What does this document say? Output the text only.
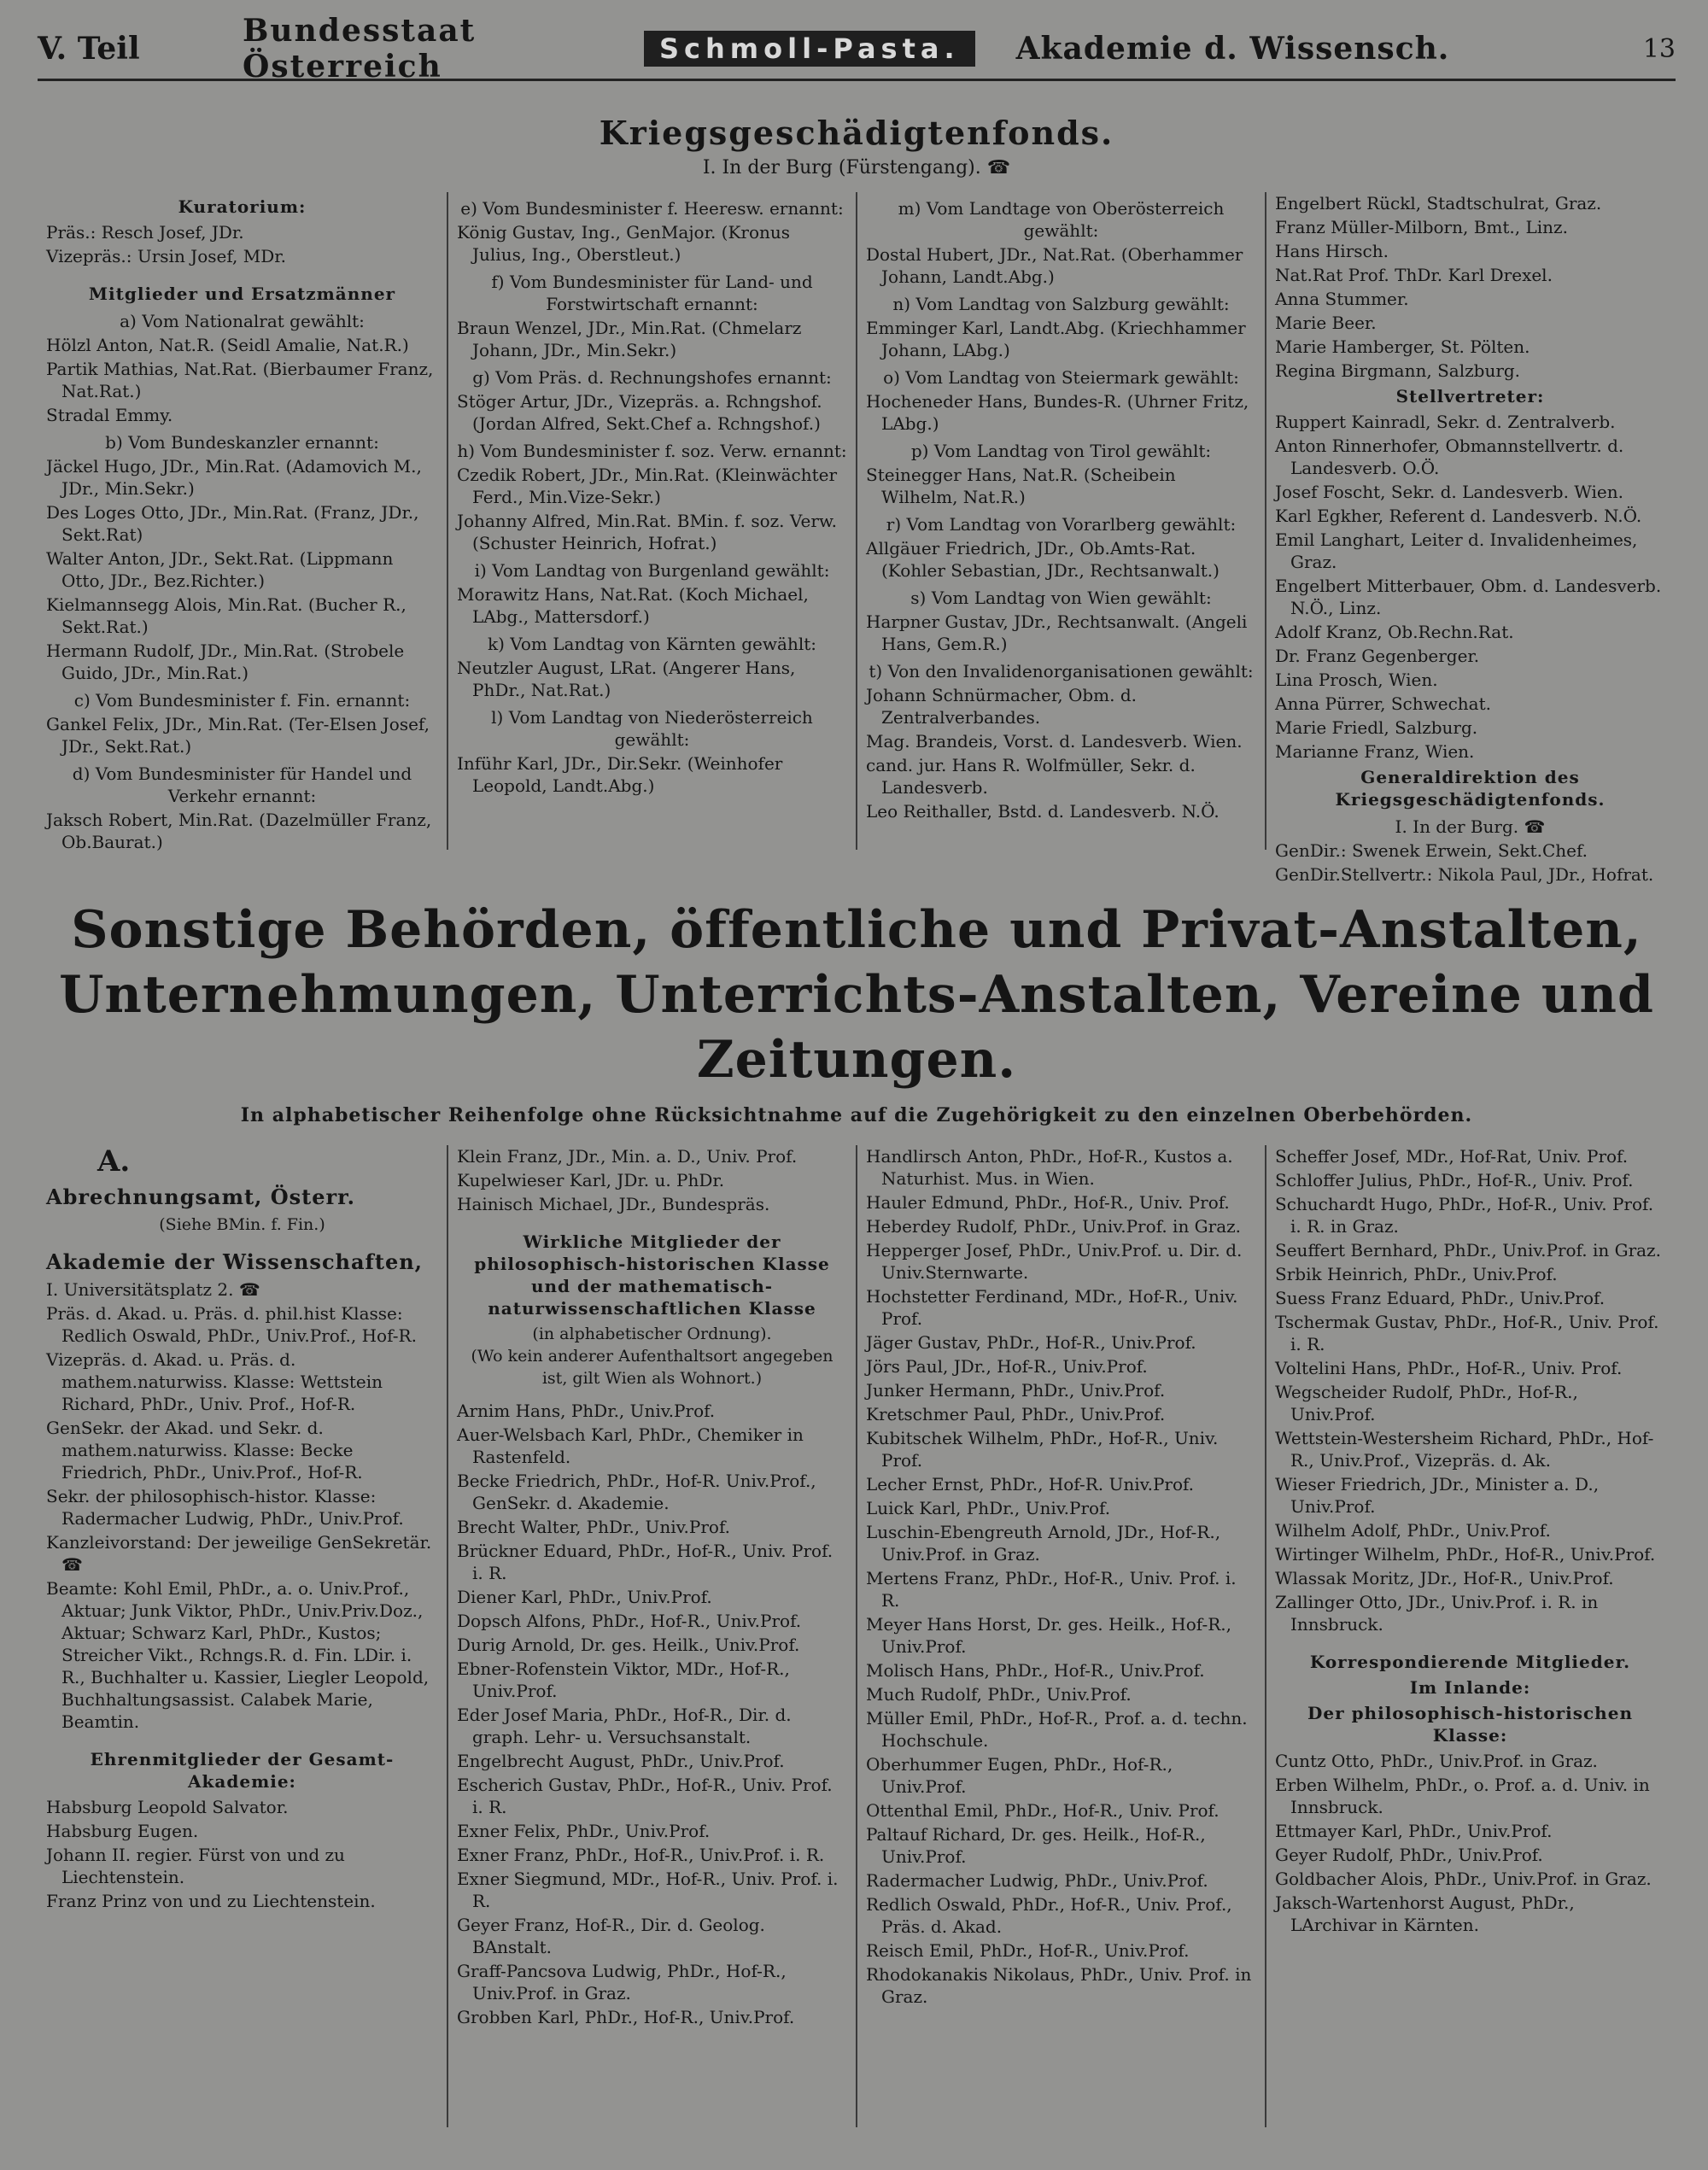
V. Teil	Bundesstaat Österreich	Schmoll-Pasta.	Akademie d. Wissensch.	13
Kriegsgeschädigtenfonds.
I. In der Burg (Fürstengang). ☎
Kuratorium:
Präs.: Resch Josef, JDr.
Vizepräs.: Ursin Josef, MDr.
Mitglieder und Ersatzmänner
a) Vom Nationalrat gewählt:
Hölzl Anton, Nat.R. (Seidl Amalie, Nat.R.)
Partik Mathias, Nat.Rat. (Bierbaumer Franz, Nat.Rat.)
Stradal Emmy.
b) Vom Bundeskanzler ernannt:
Jäckel Hugo, JDr., Min.Rat. (Adamovich M., JDr., Min.Sekr.)
Des Loges Otto, JDr., Min.Rat. (Franz, JDr., Sekt.Rat)
Walter Anton, JDr., Sekt.Rat. (Lippmann Otto, JDr., Bez.Richter.)
Kielmannsegg Alois, Min.Rat. (Bucher R., Sekt.Rat.)
Hermann Rudolf, JDr., Min.Rat. (Strobele Guido, JDr., Min.Rat.)
c) Vom Bundesminister f. Fin. ernannt:
Gankel Felix, JDr., Min.Rat. (Ter-Elsen Josef, JDr., Sekt.Rat.)
d) Vom Bundesminister für Handel und Verkehr ernannt:
Jaksch Robert, Min.Rat. (Dazelmüller Franz, Ob.Baurat.)
e) Vom Bundesminister f. Heeresw. ernannt:
König Gustav, Ing., GenMajor. (Kronus Julius, Ing., Oberstleut.)
f) Vom Bundesminister für Land- und Forstwirtschaft ernannt:
Braun Wenzel, JDr., Min.Rat. (Chmelarz Johann, JDr., Min.Sekr.)
g) Vom Präs. d. Rechnungshofes ernannt:
Stöger Artur, JDr., Vizepräs. a. Rchngshof. (Jordan Alfred, Sekt.Chef a. Rchngshof.)
h) Vom Bundesminister f. soz. Verw. ernannt:
Czedik Robert, JDr., Min.Rat. (Kleinwächter Ferd., Min.Vize-Sekr.)
Johanny Alfred, Min.Rat. BMin. f. soz. Verw. (Schuster Heinrich, Hofrat.)
i) Vom Landtag von Burgenland gewählt:
Morawitz Hans, Nat.Rat. (Koch Michael, LAbg., Mattersdorf.)
k) Vom Landtag von Kärnten gewählt:
Neutzler August, LRat. (Angerer Hans, PhDr., Nat.Rat.)
l) Vom Landtag von Niederösterreich gewählt:
Inführ Karl, JDr., Dir.Sekr. (Weinhofer Leopold, Landt.Abg.)
m) Vom Landtage von Oberösterreich gewählt:
Dostal Hubert, JDr., Nat.Rat. (Oberhammer Johann, Landt.Abg.)
n) Vom Landtag von Salzburg gewählt:
Emminger Karl, Landt.Abg. (Kriechhammer Johann, LAbg.)
o) Vom Landtag von Steiermark gewählt:
Hocheneder Hans, Bundes-R. (Uhrner Fritz, LAbg.)
p) Vom Landtag von Tirol gewählt:
Steinegger Hans, Nat.R. (Scheibein Wilhelm, Nat.R.)
r) Vom Landtag von Vorarlberg gewählt:
Allgäuer Friedrich, JDr., Ob.Amts-Rat. (Kohler Sebastian, JDr., Rechtsanwalt.)
s) Vom Landtag von Wien gewählt:
Harpner Gustav, JDr., Rechtsanwalt. (Angeli Hans, Gem.R.)
t) Von den Invalidenorganisationen gewählt:
Johann Schnürmacher, Obm. d. Zentralverbandes.
Mag. Brandeis, Vorst. d. Landesverb. Wien.
cand. jur. Hans R. Wolfmüller, Sekr. d. Landesverb.
Leo Reithaller, Bstd. d. Landesverb. N.Ö.
Engelbert Rückl, Stadtschulrat, Graz.
Franz Müller-Milborn, Bmt., Linz.
Hans Hirsch.
Nat.Rat Prof. ThDr. Karl Drexel.
Anna Stummer.
Marie Beer.
Marie Hamberger, St. Pölten.
Regina Birgmann, Salzburg.
Stellvertreter:
Ruppert Kainradl, Sekr. d. Zentralverb.
Anton Rinnerhofer, Obmannstellvertr. d. Landesverb. O.Ö.
Josef Foscht, Sekr. d. Landesverb. Wien.
Karl Egkher, Referent d. Landesverb. N.Ö.
Emil Langhart, Leiter d. Invalidenheimes, Graz.
Engelbert Mitterbauer, Obm. d. Landesverb. N.Ö., Linz.
Adolf Kranz, Ob.Rechn.Rat.
Dr. Franz Gegenberger.
Lina Prosch, Wien.
Anna Pürrer, Schwechat.
Marie Friedl, Salzburg.
Marianne Franz, Wien.
Generaldirektion des Kriegsgeschädigtenfonds.
I. In der Burg. ☎
GenDir.: Swenek Erwein, Sekt.Chef.
GenDir.Stellvertr.: Nikola Paul, JDr., Hofrat.
Sonstige Behörden, öffentliche und Privat-Anstalten, Unternehmungen, Unterrichts-Anstalten, Vereine und Zeitungen.
In alphabetischer Reihenfolge ohne Rücksichtnahme auf die Zugehörigkeit zu den einzelnen Oberbehörden.
A.
Abrechnungsamt, Österr.
(Siehe BMin. f. Fin.)
Akademie der Wissenschaften,
I. Universitätsplatz 2. ☎
Präs. d. Akad. u. Präs. d. phil.hist Klasse: Redlich Oswald, PhDr., Univ.Prof., Hof-R.
Vizepräs. d. Akad. u. Präs. d. mathem.naturwiss. Klasse: Wettstein Richard, PhDr., Univ. Prof., Hof-R.
GenSekr. der Akad. und Sekr. d. mathem.naturwiss. Klasse: Becke Friedrich, PhDr., Univ.Prof., Hof-R.
Sekr. der philosophisch-histor. Klasse: Radermacher Ludwig, PhDr., Univ.Prof.
Kanzleivorstand: Der jeweilige GenSekretär. ☎
Beamte: Kohl Emil, PhDr., a. o. Univ.Prof., Aktuar; Junk Viktor, PhDr., Univ.Priv.Doz., Aktuar; Schwarz Karl, PhDr., Kustos; Streicher Vikt., Rchngs.R. d. Fin. LDir. i. R., Buchhalter u. Kassier, Liegler Leopold, Buchhaltungsassist. Calabek Marie, Beamtin.
Ehrenmitglieder der Gesamt-Akademie:
Habsburg Leopold Salvator.
Habsburg Eugen.
Johann II. regier. Fürst von und zu Liechtenstein.
Franz Prinz von und zu Liechtenstein.
Klein Franz, JDr., Min. a. D., Univ. Prof.
Kupelwieser Karl, JDr. u. PhDr.
Hainisch Michael, JDr., Bundespräs.
Wirkliche Mitglieder der philosophisch-historischen Klasse und der mathematisch-naturwissenschaftlichen Klasse
(in alphabetischer Ordnung).
(Wo kein anderer Aufenthaltsort angegeben ist, gilt Wien als Wohnort.)
Arnim Hans, PhDr., Univ.Prof.
Auer-Welsbach Karl, PhDr., Chemiker in Rastenfeld.
Becke Friedrich, PhDr., Hof-R. Univ.Prof., GenSekr. d. Akademie.
Brecht Walter, PhDr., Univ.Prof.
Brückner Eduard, PhDr., Hof-R., Univ. Prof. i. R.
Diener Karl, PhDr., Univ.Prof.
Dopsch Alfons, PhDr., Hof-R., Univ.Prof.
Durig Arnold, Dr. ges. Heilk., Univ.Prof.
Ebner-Rofenstein Viktor, MDr., Hof-R., Univ.Prof.
Eder Josef Maria, PhDr., Hof-R., Dir. d. graph. Lehr- u. Versuchsanstalt.
Engelbrecht August, PhDr., Univ.Prof.
Escherich Gustav, PhDr., Hof-R., Univ. Prof. i. R.
Exner Felix, PhDr., Univ.Prof.
Exner Franz, PhDr., Hof-R., Univ.Prof. i. R.
Exner Siegmund, MDr., Hof-R., Univ. Prof. i. R.
Geyer Franz, Hof-R., Dir. d. Geolog. BAnstalt.
Graff-Pancsova Ludwig, PhDr., Hof-R., Univ.Prof. in Graz.
Grobben Karl, PhDr., Hof-R., Univ.Prof.
Handlirsch Anton, PhDr., Hof-R., Kustos a. Naturhist. Mus. in Wien.
Hauler Edmund, PhDr., Hof-R., Univ. Prof.
Heberdey Rudolf, PhDr., Univ.Prof. in Graz.
Hepperger Josef, PhDr., Univ.Prof. u. Dir. d. Univ.Sternwarte.
Hochstetter Ferdinand, MDr., Hof-R., Univ. Prof.
Jäger Gustav, PhDr., Hof-R., Univ.Prof.
Jörs Paul, JDr., Hof-R., Univ.Prof.
Junker Hermann, PhDr., Univ.Prof.
Kretschmer Paul, PhDr., Univ.Prof.
Kubitschek Wilhelm, PhDr., Hof-R., Univ. Prof.
Lecher Ernst, PhDr., Hof-R. Univ.Prof.
Luick Karl, PhDr., Univ.Prof.
Luschin-Ebengreuth Arnold, JDr., Hof-R., Univ.Prof. in Graz.
Mertens Franz, PhDr., Hof-R., Univ. Prof. i. R.
Meyer Hans Horst, Dr. ges. Heilk., Hof-R., Univ.Prof.
Molisch Hans, PhDr., Hof-R., Univ.Prof.
Much Rudolf, PhDr., Univ.Prof.
Müller Emil, PhDr., Hof-R., Prof. a. d. techn. Hochschule.
Oberhummer Eugen, PhDr., Hof-R., Univ.Prof.
Ottenthal Emil, PhDr., Hof-R., Univ. Prof.
Paltauf Richard, Dr. ges. Heilk., Hof-R., Univ.Prof.
Radermacher Ludwig, PhDr., Univ.Prof.
Redlich Oswald, PhDr., Hof-R., Univ. Prof., Präs. d. Akad.
Reisch Emil, PhDr., Hof-R., Univ.Prof.
Rhodokanakis Nikolaus, PhDr., Univ. Prof. in Graz.
Scheffer Josef, MDr., Hof-Rat, Univ. Prof.
Schloffer Julius, PhDr., Hof-R., Univ. Prof.
Schuchardt Hugo, PhDr., Hof-R., Univ. Prof. i. R. in Graz.
Seuffert Bernhard, PhDr., Univ.Prof. in Graz.
Srbik Heinrich, PhDr., Univ.Prof.
Suess Franz Eduard, PhDr., Univ.Prof.
Tschermak Gustav, PhDr., Hof-R., Univ. Prof. i. R.
Voltelini Hans, PhDr., Hof-R., Univ. Prof.
Wegscheider Rudolf, PhDr., Hof-R., Univ.Prof.
Wettstein-Westersheim Richard, PhDr., Hof-R., Univ.Prof., Vizepräs. d. Ak.
Wieser Friedrich, JDr., Minister a. D., Univ.Prof.
Wilhelm Adolf, PhDr., Univ.Prof.
Wirtinger Wilhelm, PhDr., Hof-R., Univ.Prof.
Wlassak Moritz, JDr., Hof-R., Univ.Prof.
Zallinger Otto, JDr., Univ.Prof. i. R. in Innsbruck.
Korrespondierende Mitglieder.
Im Inlande:
Der philosophisch-historischen Klasse:
Cuntz Otto, PhDr., Univ.Prof. in Graz.
Erben Wilhelm, PhDr., o. Prof. a. d. Univ. in Innsbruck.
Ettmayer Karl, PhDr., Univ.Prof.
Geyer Rudolf, PhDr., Univ.Prof.
Goldbacher Alois, PhDr., Univ.Prof. in Graz.
Jaksch-Wartenhorst August, PhDr., LArchivar in Kärnten.
